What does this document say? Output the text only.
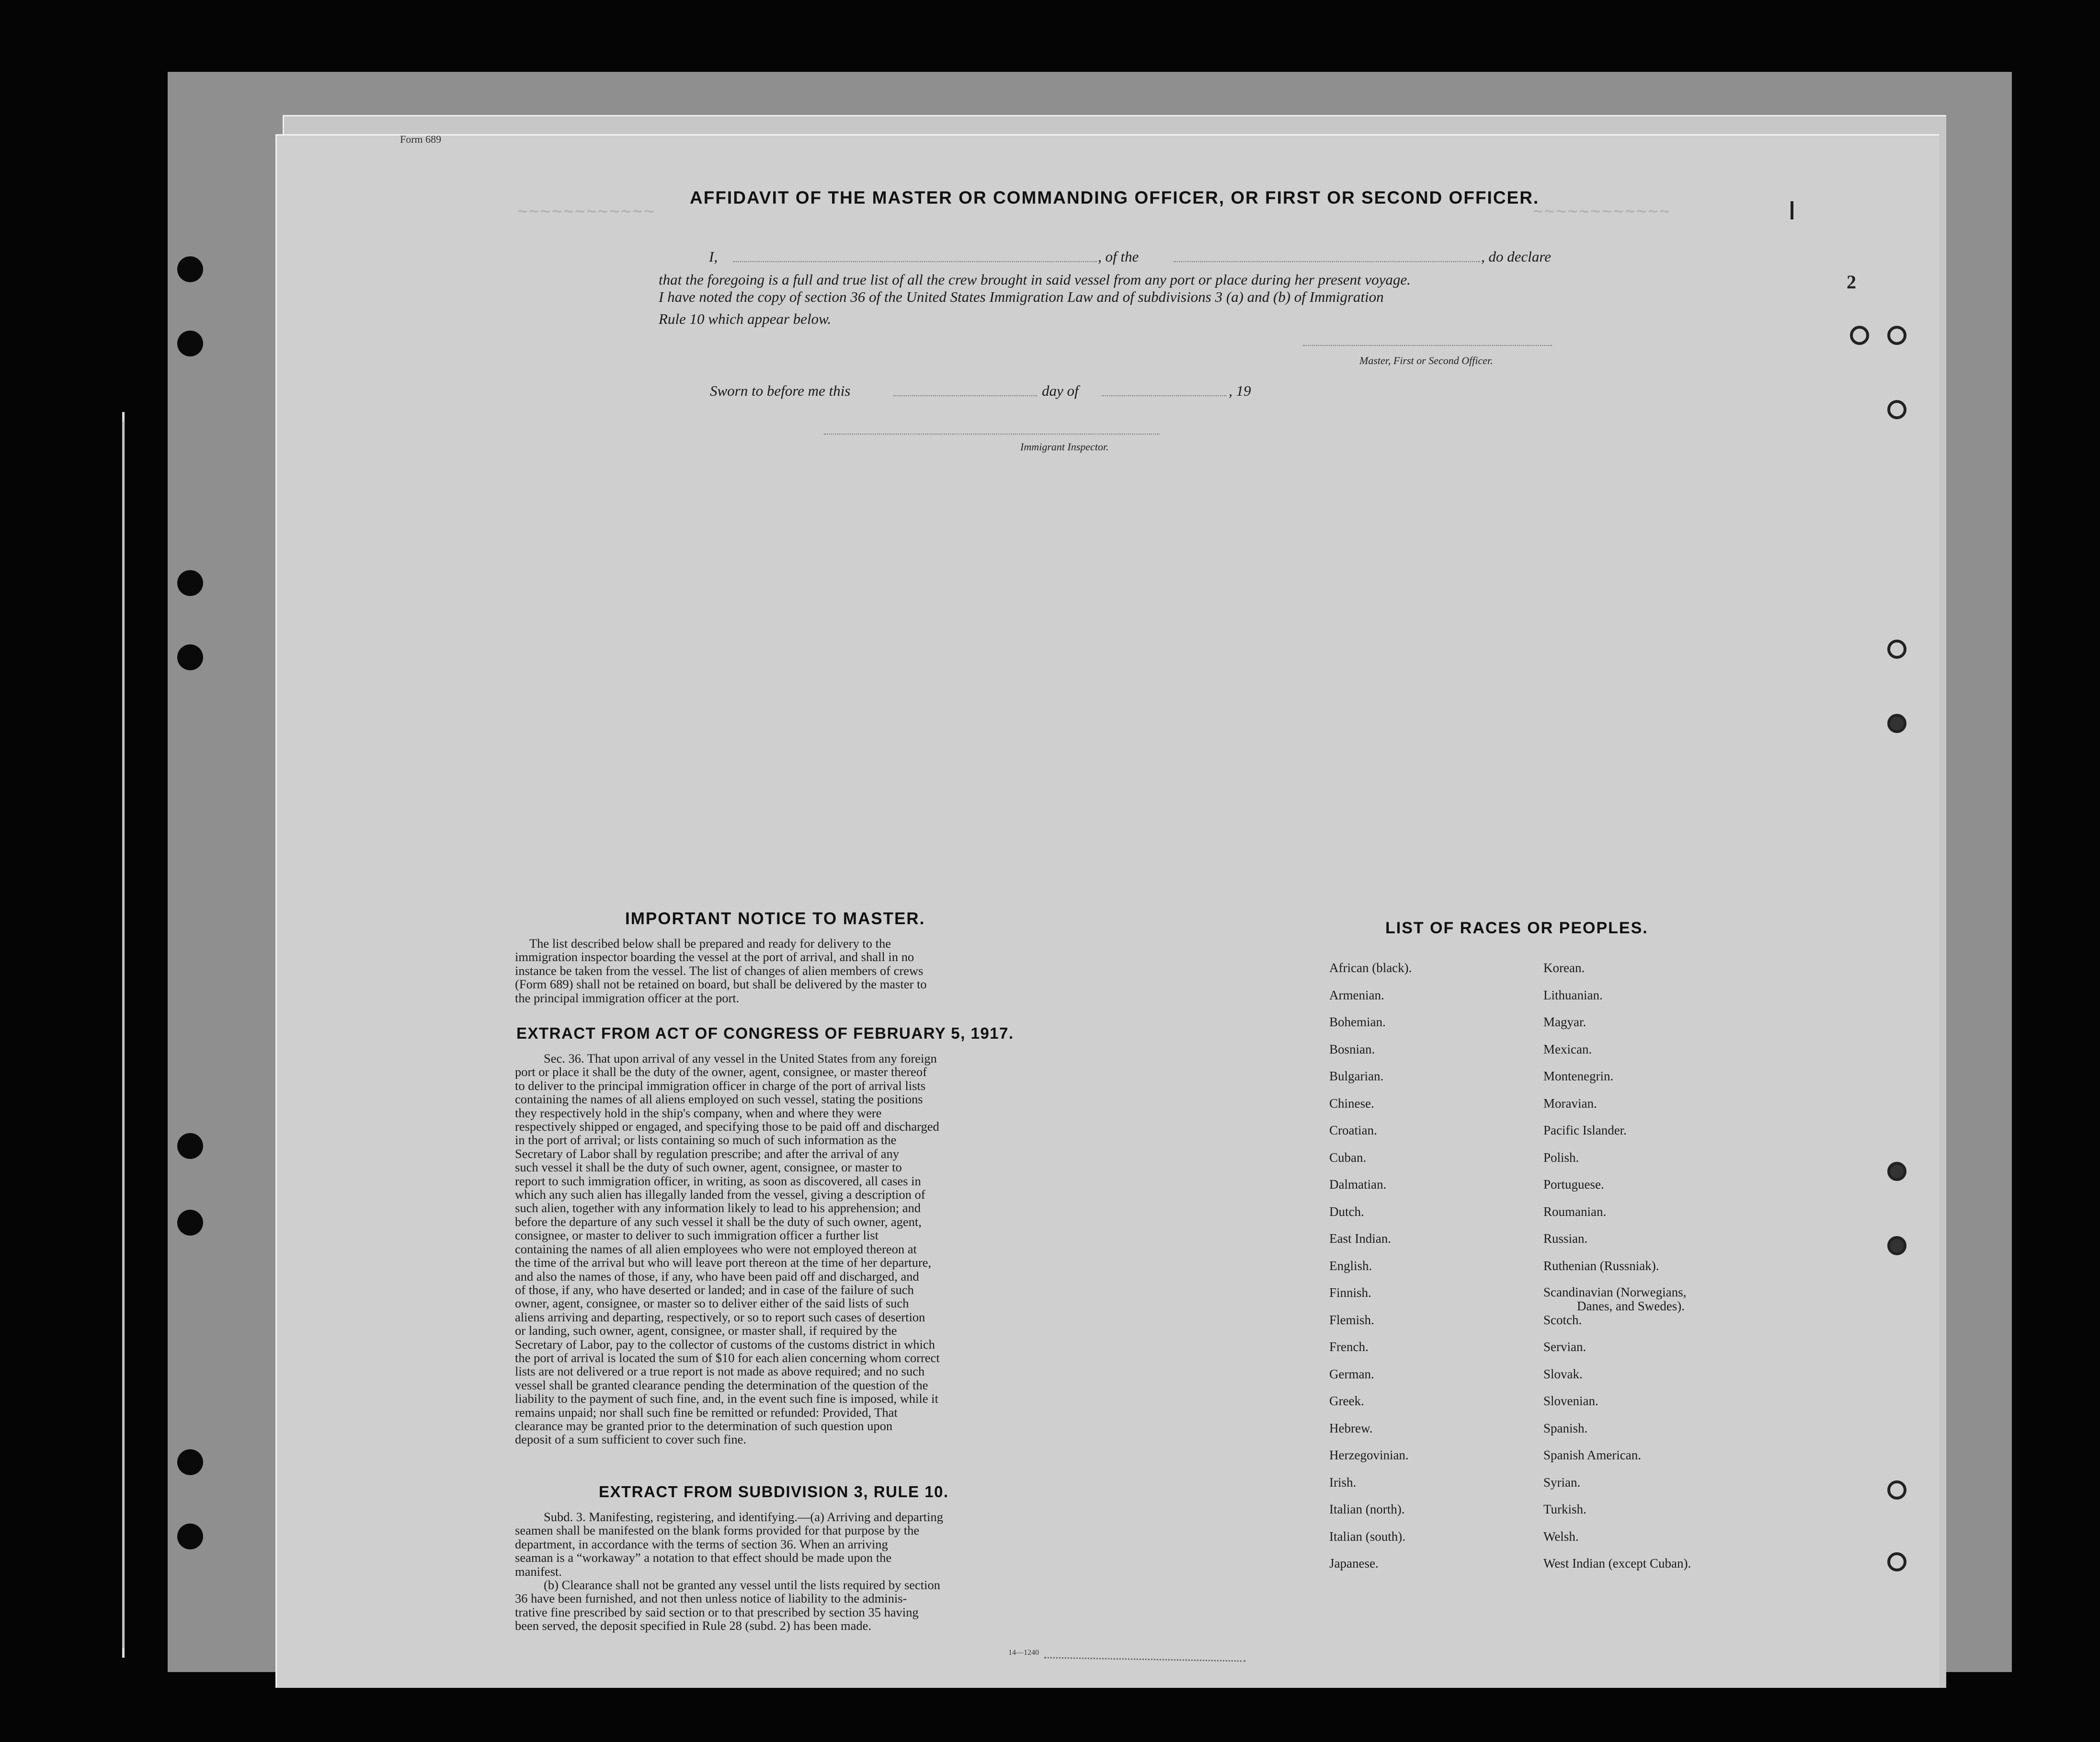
~~~~~~~~~~~~	~~~~~~~~~~~~
2
Form 689
AFFIDAVIT OF THE MASTER OR COMMANDING OFFICER, OR FIRST OR SECOND OFFICER.
I,	, of the	, do declare
that the foregoing is a full and true list of all the crew brought in said vessel from any port or place during her present voyage.
I have noted the copy of section 36 of the United States Immigration Law and of subdivisions 3 (a) and (b) of Immigration
Rule 10 which appear below.
Master, First or Second Officer.
Sworn to before me this	day of	, 19
Immigrant Inspector.
IMPORTANT NOTICE TO MASTER.
The list described below shall be prepared and ready for delivery to the
immigration inspector boarding the vessel at the port of arrival, and shall in no
instance be taken from the vessel. The list of changes of alien members of crews
(Form 689) shall not be retained on board, but shall be delivered by the master to
the principal immigration officer at the port.
EXTRACT FROM ACT OF CONGRESS OF FEBRUARY 5, 1917.
Sec. 36. That upon arrival of any vessel in the United States from any foreign
port or place it shall be the duty of the owner, agent, consignee, or master thereof
to deliver to the principal immigration officer in charge of the port of arrival lists
containing the names of all aliens employed on such vessel, stating the positions
they respectively hold in the ship's company, when and where they were
respectively shipped or engaged, and specifying those to be paid off and discharged
in the port of arrival; or lists containing so much of such information as the
Secretary of Labor shall by regulation prescribe; and after the arrival of any
such vessel it shall be the duty of such owner, agent, consignee, or master to
report to such immigration officer, in writing, as soon as discovered, all cases in
which any such alien has illegally landed from the vessel, giving a description of
such alien, together with any information likely to lead to his apprehension; and
before the departure of any such vessel it shall be the duty of such owner, agent,
consignee, or master to deliver to such immigration officer a further list
containing the names of all alien employees who were not employed thereon at
the time of the arrival but who will leave port thereon at the time of her departure,
and also the names of those, if any, who have been paid off and discharged, and
of those, if any, who have deserted or landed; and in case of the failure of such
owner, agent, consignee, or master so to deliver either of the said lists of such
aliens arriving and departing, respectively, or so to report such cases of desertion
or landing, such owner, agent, consignee, or master shall, if required by the
Secretary of Labor, pay to the collector of customs of the customs district in which
the port of arrival is located the sum of $10 for each alien concerning whom correct
lists are not delivered or a true report is not made as above required; and no such
vessel shall be granted clearance pending the determination of the question of the
liability to the payment of such fine, and, in the event such fine is imposed, while it
remains unpaid; nor shall such fine be remitted or refunded: Provided, That
clearance may be granted prior to the determination of such question upon
deposit of a sum sufficient to cover such fine.
EXTRACT FROM SUBDIVISION 3, RULE 10.
Subd. 3. Manifesting, registering, and identifying.—(a) Arriving and departing
seamen shall be manifested on the blank forms provided for that purpose by the
department, in accordance with the terms of section 36. When an arriving
seaman is a “workaway” a notation to that effect should be made upon the
manifest.
(b) Clearance shall not be granted any vessel until the lists required by section
36 have been furnished, and not then unless notice of liability to the adminis-
trative fine prescribed by said section or to that prescribed by section 35 having
been served, the deposit specified in Rule 28 (subd. 2) has been made.
14—1240
LIST OF RACES OR PEOPLES.
African (black).
Armenian.
Bohemian.
Bosnian.
Bulgarian.
Chinese.
Croatian.
Cuban.
Dalmatian.
Dutch.
East Indian.
English.
Finnish.
Flemish.
French.
German.
Greek.
Hebrew.
Herzegovinian.
Irish.
Italian (north).
Italian (south).
Japanese.
Korean.
Lithuanian.
Magyar.
Mexican.
Montenegrin.
Moravian.
Pacific Islander.
Polish.
Portuguese.
Roumanian.
Russian.
Ruthenian (Russniak).
Scandinavian (Norwegians,
Danes, and Swedes).
Scotch.
Servian.
Slovak.
Slovenian.
Spanish.
Spanish American.
Syrian.
Turkish.
Welsh.
West Indian (except Cuban).
